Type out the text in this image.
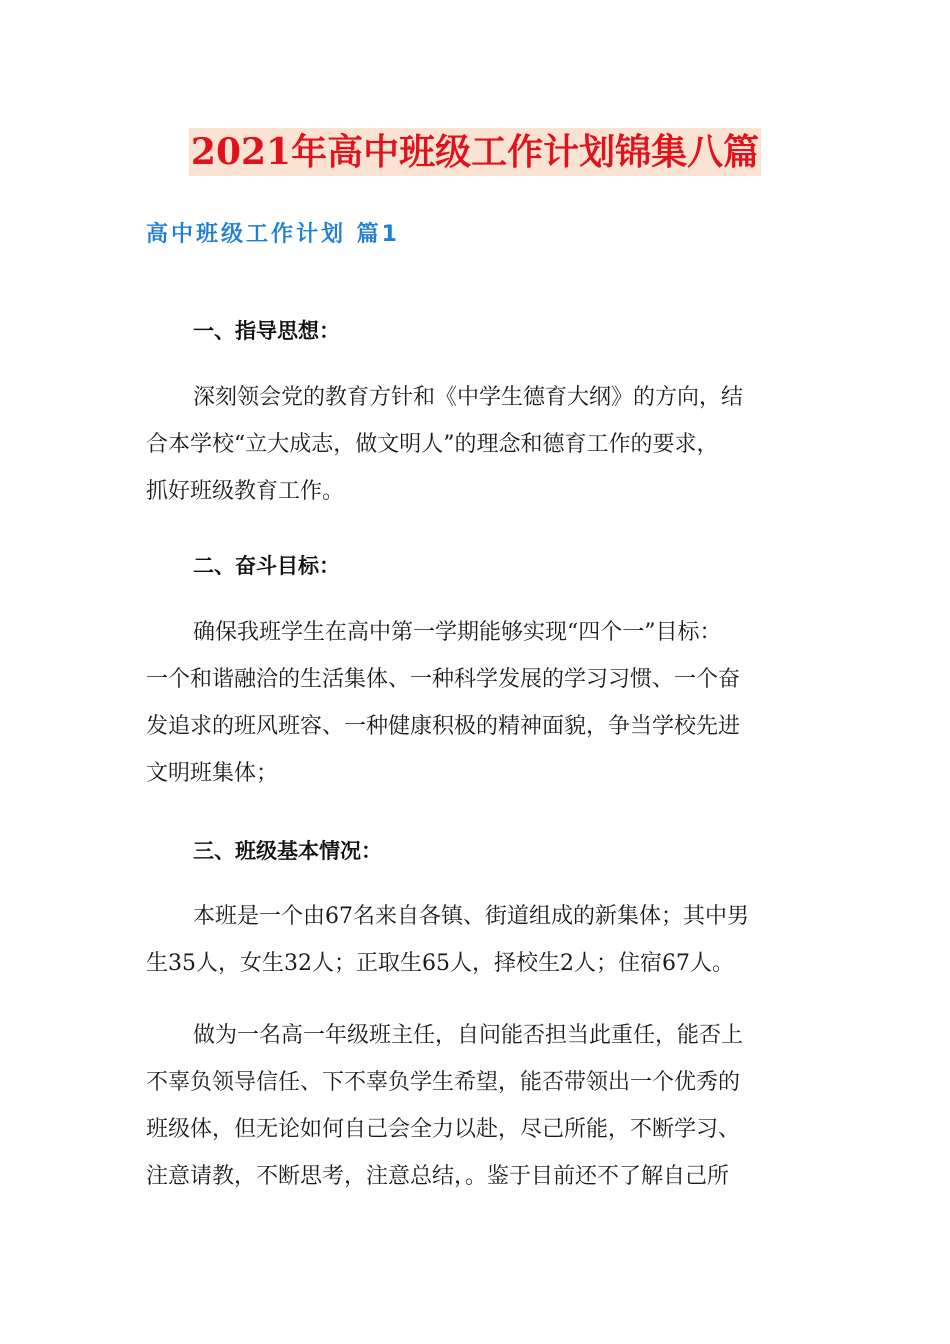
2021年高中班级工作计划锦集八篇
高中班级工作计划 篇1
一、指导思想：
深刻领会党的教育方针和《中学生德育大纲》的方向，结
合本学校“立大成志，做文明人”的理念和德育工作的要求，
抓好班级教育工作。
二、奋斗目标：
确保我班学生在高中第一学期能够实现“四个一”目标：
一个和谐融洽的生活集体、一种科学发展的学习习惯、一个奋
发追求的班风班容、一种健康积极的精神面貌，争当学校先进
文明班集体；
三、班级基本情况：
本班是一个由67名来自各镇、街道组成的新集体；其中男
生35人，女生32人；正取生65人，择校生2人；住宿67人。
做为一名高一年级班主任，自问能否担当此重任，能否上
不辜负领导信任、下不辜负学生希望，能否带领出一个优秀的
班级体，但无论如何自己会全力以赴，尽己所能，不断学习、
注意请教，不断思考，注意总结，。鉴于目前还不了解自己所
